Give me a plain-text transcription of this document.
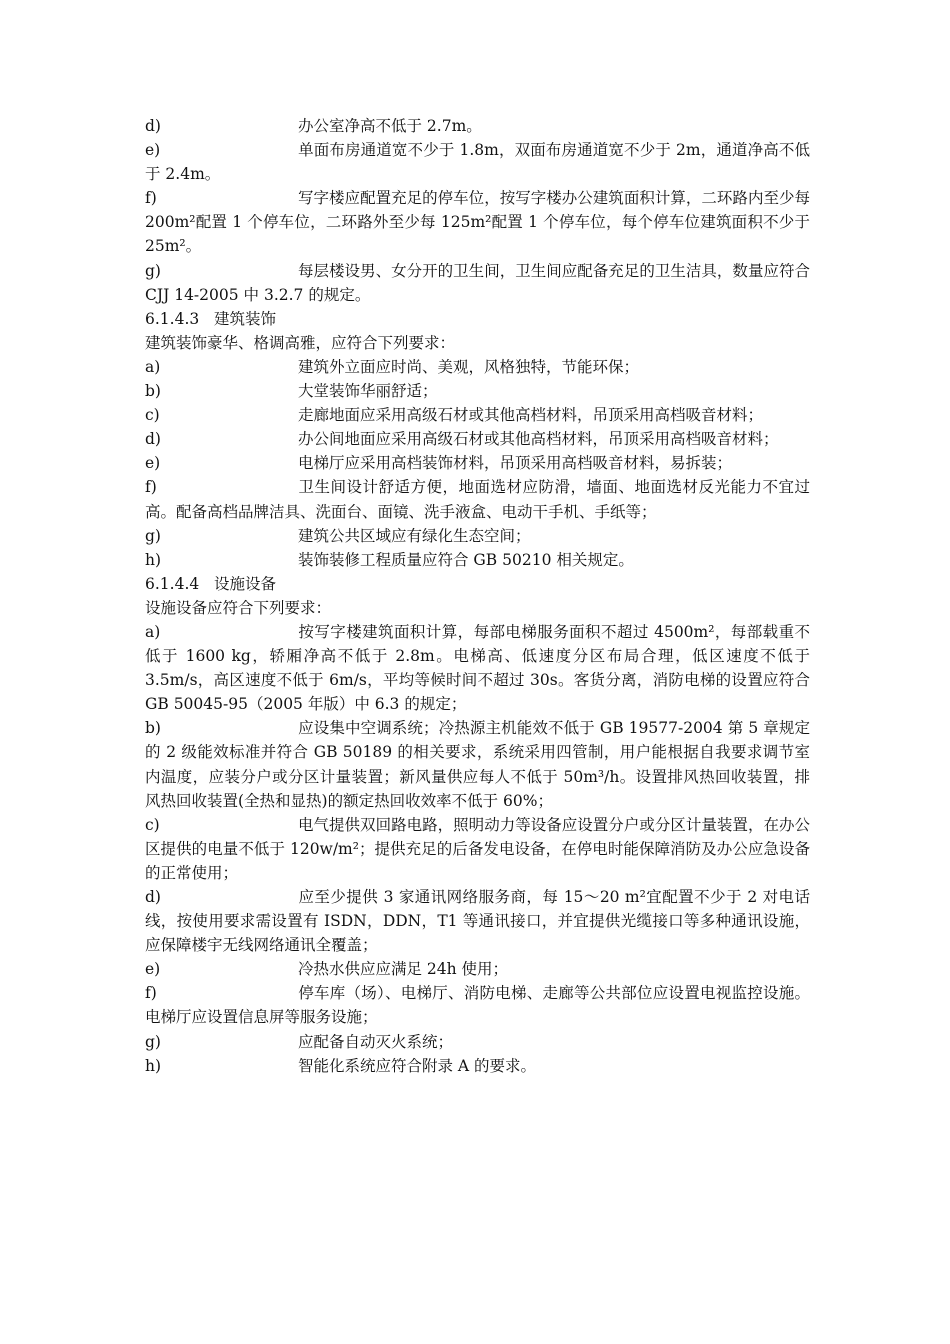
d)	办公室净高不低于 2.7m。

e)	单面布房通道宽不少于 1.8m，双面布房通道宽不少于 2m，通道净高不低于 2.4m。

f)	写字楼应配置充足的停车位，按写字楼办公建筑面积计算，二环路内至少每 200m²配置 1 个停车位，二环路外至少每 125m²配置 1 个停车位，每个停车位建筑面积不少于 25m²。

g)	每层楼设男、女分开的卫生间，卫生间应配备充足的卫生洁具，数量应符合 CJJ 14-2005 中 3.2.7 的规定。

6.1.4.3   建筑装饰

建筑装饰豪华、格调高雅，应符合下列要求：

a)	建筑外立面应时尚、美观，风格独特，节能环保；

b)	大堂装饰华丽舒适；

c)	走廊地面应采用高级石材或其他高档材料，吊顶采用高档吸音材料；

d)	办公间地面应采用高级石材或其他高档材料，吊顶采用高档吸音材料；

e)	电梯厅应采用高档装饰材料，吊顶采用高档吸音材料，易拆装；

f)	卫生间设计舒适方便，地面选材应防滑，墙面、地面选材反光能力不宜过高。配备高档品牌洁具、洗面台、面镜、洗手液盒、电动干手机、手纸等；

g)	建筑公共区域应有绿化生态空间；

h)	装饰装修工程质量应符合 GB 50210 相关规定。

6.1.4.4   设施设备

设施设备应符合下列要求：

a)	按写字楼建筑面积计算，每部电梯服务面积不超过 4500m²，每部载重不低于 1600 kg，轿厢净高不低于 2.8m。电梯高、低速度分区布局合理，低区速度不低于 3.5m/s，高区速度不低于 6m/s，平均等候时间不超过 30s。客货分离，消防电梯的设置应符合 GB 50045-95（2005 年版）中 6.3 的规定；

b)	应设集中空调系统；冷热源主机能效不低于 GB 19577-2004 第 5 章规定的 2 级能效标准并符合 GB 50189 的相关要求，系统采用四管制，用户能根据自我要求调节室内温度，应装分户或分区计量装置；新风量供应每人不低于 50m³/h。设置排风热回收装置，排风热回收装置(全热和显热)的额定热回收效率不低于 60%；

c)	电气提供双回路电路，照明动力等设备应设置分户或分区计量装置，在办公区提供的电量不低于 120w/m²；提供充足的后备发电设备，在停电时能保障消防及办公应急设备的正常使用；

d)	应至少提供 3 家通讯网络服务商，每 15～20 m²宜配置不少于 2 对电话线，按使用要求需设置有 ISDN，DDN，T1 等通讯接口，并宜提供光缆接口等多种通讯设施，应保障楼宇无线网络通讯全覆盖；

e)	冷热水供应应满足 24h 使用；

f)	停车库（场）、电梯厅、消防电梯、走廊等公共部位应设置电视监控设施。电梯厅应设置信息屏等服务设施；

g)	应配备自动灭火系统；

h)	智能化系统应符合附录 A 的要求。
